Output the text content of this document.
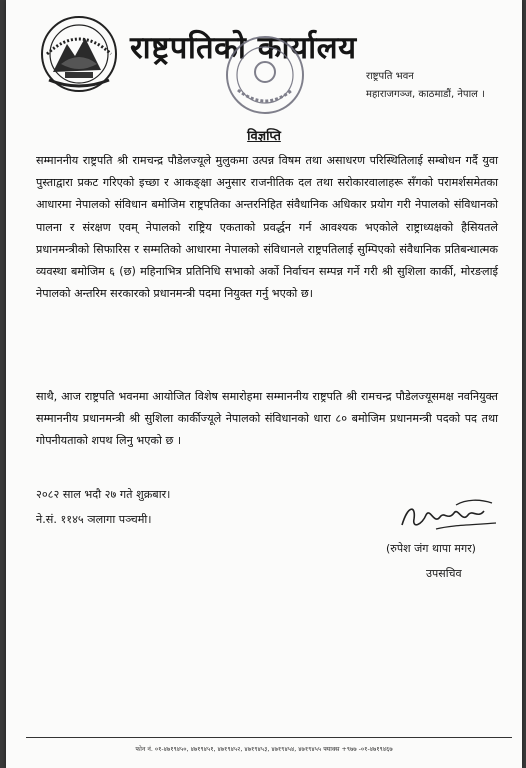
राष्ट्रपतिको कार्यालय
राष्ट्रपति भवन
महाराजगञ्ज, काठमाडौं, नेपाल ।
विज्ञप्ति
सम्माननीय राष्ट्रपति श्री रामचन्द्र पौडेलज्यूले मुलुकमा उत्पन्न विषम तथा असाधरण परिस्थितिलाई सम्बोधन गर्दै युवा पुस्ताद्वारा प्रकट गरिएको इच्छा र आकङ्क्षा अनुसार राजनीतिक दल तथा सरोकारवालाहरू सँगको परामर्शसमेतका आधारमा नेपालको संविधान बमोजिम राष्ट्रपतिका अन्तरनिहित संवैधानिक अधिकार प्रयोग गरी नेपालको संविधानको पालना र संरक्षण एवम् नेपालको राष्ट्रिय एकताको प्रवर्द्धन गर्न आवश्यक भएकोले राष्ट्राध्यक्षको हैसियतले प्रधानमन्त्रीको सिफारिस र सम्मतिको आधारमा नेपालको संविधानले राष्ट्रपतिलाई सुम्पिएको संवैधानिक प्रतिबन्धात्मक व्यवस्था बमोजिम ६ (छ) महिनाभित्र प्रतिनिधि सभाको अर्को निर्वाचन सम्पन्न गर्ने गरी श्री सुशिला कार्की, मोरङलाई नेपालको अन्तरिम सरकारको प्रधानमन्त्री पदमा नियुक्त गर्नु भएको छ।
साथै, आज राष्ट्रपति भवनमा आयोजित विशेष समारोहमा सम्माननीय राष्ट्रपति श्री रामचन्द्र पौडेलज्यूसमक्ष नवनियुक्त सम्माननीय प्रधानमन्त्री श्री सुशिला कार्कीज्यूले नेपालको संविधानको धारा ८० बमोजिम प्रधानमन्त्री पदको पद तथा गोपनीयताको शपथ लिनु भएको छ ।
२०८२ साल भदौ २७ गते शुक्रबार।
ने.सं. ११४५ ञलागा पञ्चमी।
(रुपेश जंग थापा मगर)
उपसचिव
फोन नं. ०१-४७१९४५०, ४७१९४५१, ४७१९४५२, ४७१९४५३, ४७१९४५४, ४७१९४५५ फ्याक्स +९७७ -०१-४७१९४६७
